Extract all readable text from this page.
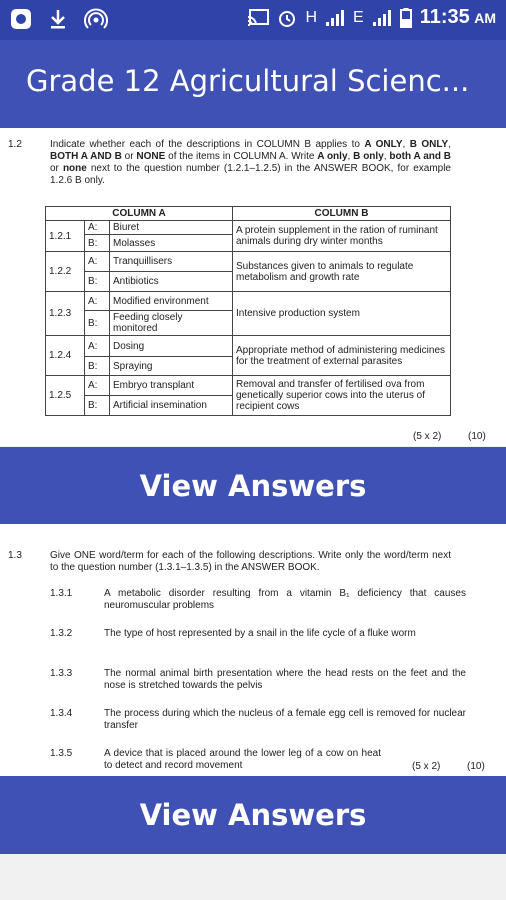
H E	11:35 AM
Grade 12 Agricultural Scienc...
1.2	Indicate whether each of the descriptions in COLUMN B applies to A ONLY, B ONLY, BOTH A AND B or NONE of the items in COLUMN A. Write A only, B only, both A and B or none next to the question number (1.2.1–1.2.5) in the ANSWER BOOK, for example 1.2.6 B only.
COLUMN A			COLUMN B
1.2.1	A:	Biuret	A protein supplement in the ration of ruminant animals during dry winter months
	B:	Molasses	
1.2.2	A:	Tranquillisers	Substances given to animals to regulate metabolism and growth rate
	B:	Antibiotics	
1.2.3	A:	Modified environment	Intensive production system
	B:	Feeding closely monitored	
1.2.4	A:	Dosing	Appropriate method of administering medicines for the treatment of external parasites
	B:	Spraying	
1.2.5	A:	Embryo transplant	Removal and transfer of fertilised ova from genetically superior cows into the uterus of recipient cows
	B:	Artificial insemination	
(5 x 2)	(10)
View Answers
1.3	Give ONE word/term for each of the following descriptions. Write only the word/term next to the question number (1.3.1–1.3.5) in the ANSWER BOOK.
1.3.1	A metabolic disorder resulting from a vitamin B₁ deficiency that causes neuromuscular problems
1.3.2	The type of host represented by a snail in the life cycle of a fluke worm
1.3.3	The normal animal birth presentation where the head rests on the feet and the nose is stretched towards the pelvis
1.3.4	The process during which the nucleus of a female egg cell is removed for nuclear transfer
1.3.5	A device that is placed around the lower leg of a cow on heat to detect and record movement	(5 x 2)	(10)
View Answers
